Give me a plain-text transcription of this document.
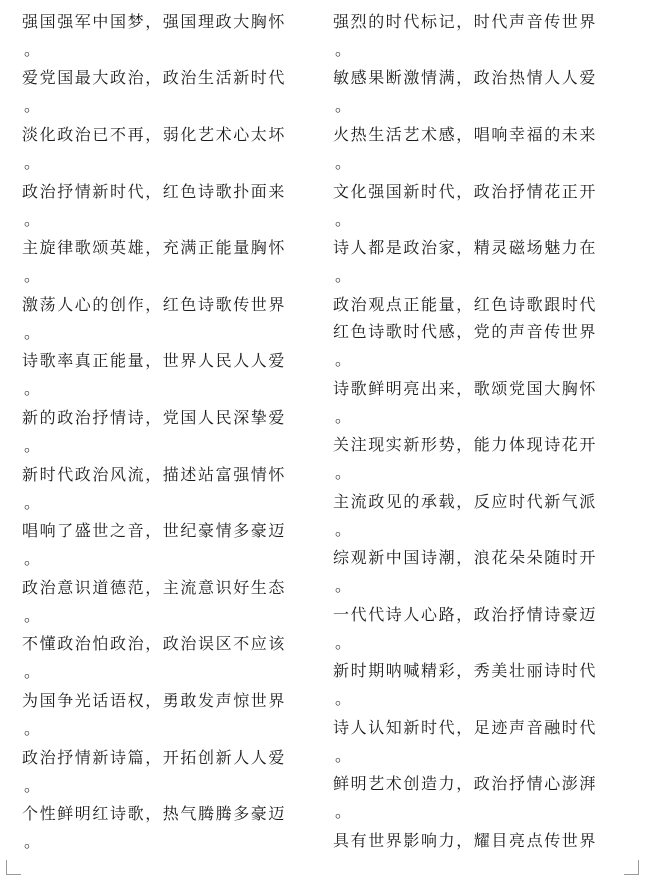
强国强军中国梦，强国理政大胸怀
。
爱党国最大政治，政治生活新时代
。
淡化政治已不再，弱化艺术心太坏
。
政治抒情新时代，红色诗歌扑面来
。
主旋律歌颂英雄，充满正能量胸怀
。
激荡人心的创作，红色诗歌传世界
。
诗歌率真正能量，世界人民人人爱
。
新的政治抒情诗，党国人民深挚爱
。
新时代政治风流，描述站富强情怀
。
唱响了盛世之音，世纪豪情多豪迈
。
政治意识道德范，主流意识好生态
。
不懂政治怕政治，政治误区不应该
。
为国争光话语权，勇敢发声惊世界
。
政治抒情新诗篇，开拓创新人人爱
。
个性鲜明红诗歌，热气腾腾多豪迈
。
强烈的时代标记，时代声音传世界
。
敏感果断激情满，政治热情人人爱
。
火热生活艺术感，唱响幸福的未来
。
文化强国新时代，政治抒情花正开
。
诗人都是政治家，精灵磁场魅力在
。
政治观点正能量，红色诗歌跟时代
红色诗歌时代感，党的声音传世界
。
诗歌鲜明亮出来，歌颂党国大胸怀
。
关注现实新形势，能力体现诗花开
。
主流政见的承载，反应时代新气派
。
综观新中国诗潮，浪花朵朵随时开
。
一代代诗人心路，政治抒情诗豪迈
。
新时期呐喊精彩，秀美壮丽诗时代
。
诗人认知新时代，足迹声音融时代
。
鲜明艺术创造力，政治抒情心澎湃
。
具有世界影响力，耀目亮点传世界
